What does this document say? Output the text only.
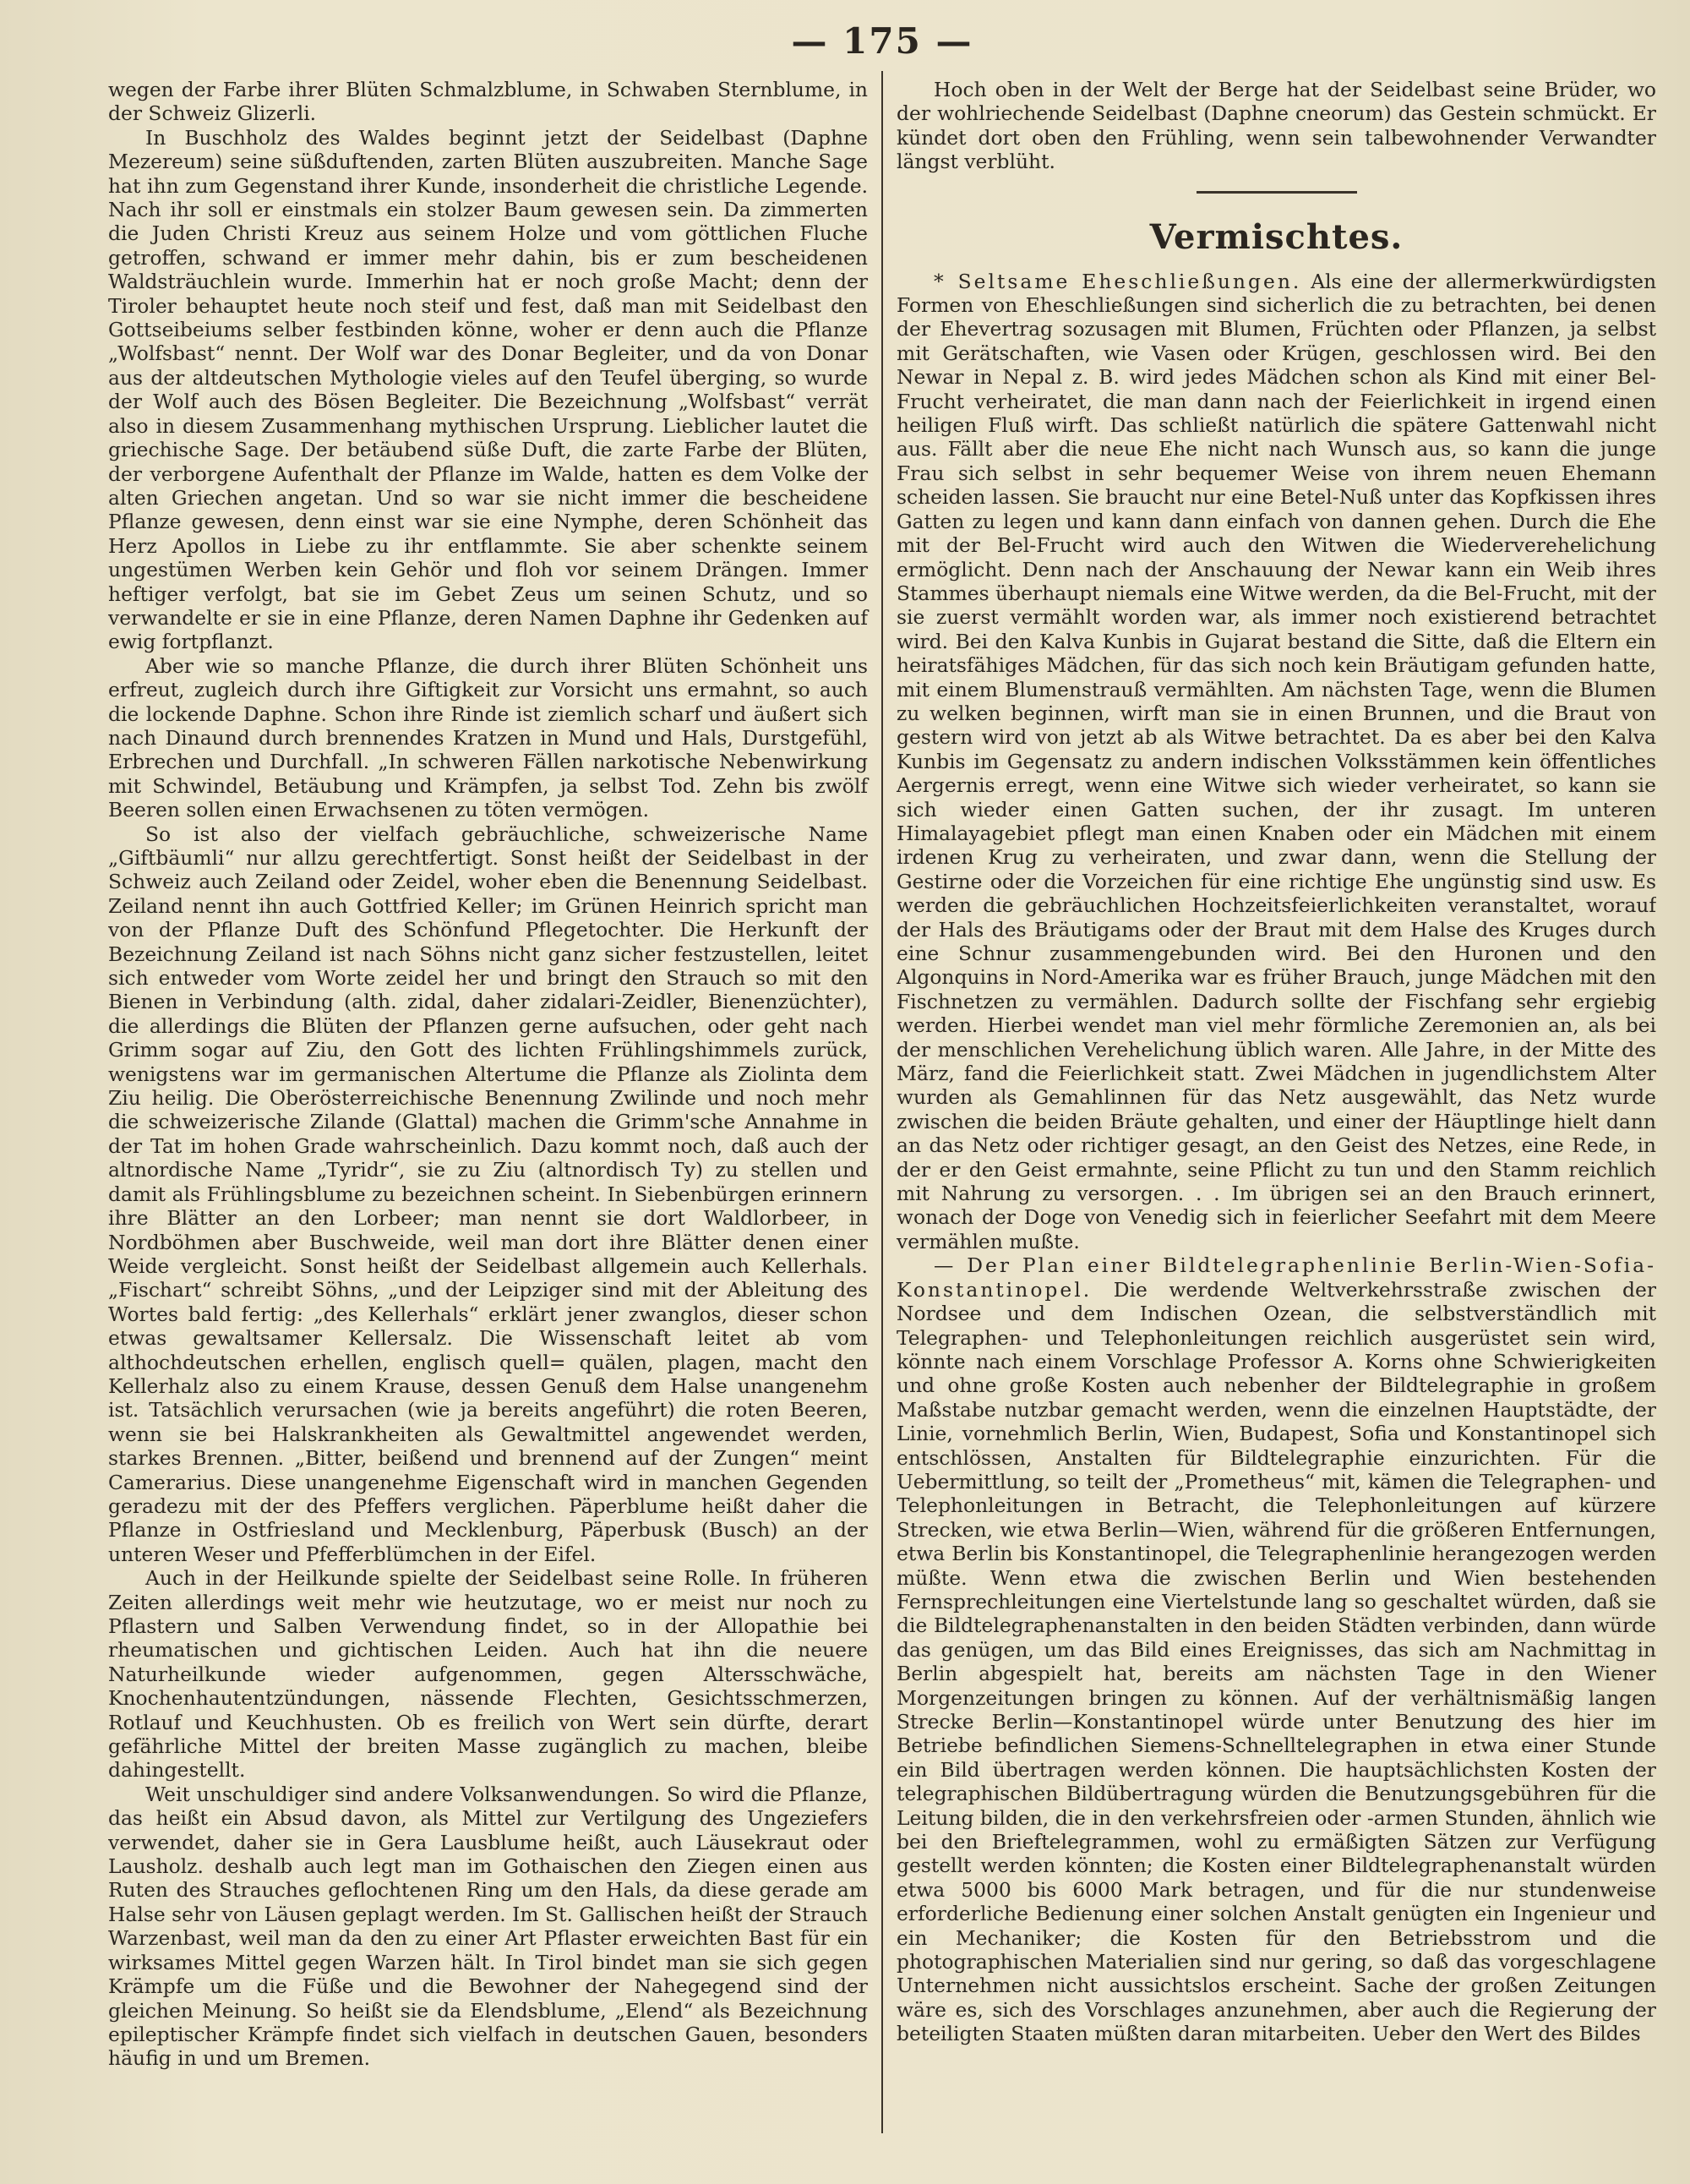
— 175 —

wegen der Farbe ihrer Blüten Schmalzblume, in Schwaben Sternblume, in der Schweiz Glizerli.

In Buschholz des Waldes beginnt jetzt der Seidelbast (Daphne Mezereum) seine süßduftenden, zarten Blüten auszubreiten. Manche Sage hat ihn zum Gegenstand ihrer Kunde, insonderheit die christliche Legende. Nach ihr soll er einstmals ein stolzer Baum gewesen sein. Da zimmerten die Juden Christi Kreuz aus seinem Holze und vom göttlichen Fluche getroffen, schwand er immer mehr dahin, bis er zum bescheidenen Waldsträuchlein wurde. Immerhin hat er noch große Macht; denn der Tiroler behauptet heute noch steif und fest, daß man mit Seidelbast den Gottseibeiums selber festbinden könne, woher er denn auch die Pflanze „Wolfsbast“ nennt. Der Wolf war des Donar Begleiter, und da von Donar aus der altdeutschen Mythologie vieles auf den Teufel überging, so wurde der Wolf auch des Bösen Begleiter. Die Bezeichnung „Wolfsbast“ verrät also in diesem Zusammenhang mythischen Ursprung. Lieblicher lautet die griechische Sage. Der betäubend süße Duft, die zarte Farbe der Blüten, der verborgene Aufenthalt der Pflanze im Walde, hatten es dem Volke der alten Griechen angetan. Und so war sie nicht immer die bescheidene Pflanze gewesen, denn einst war sie eine Nymphe, deren Schönheit das Herz Apollos in Liebe zu ihr entflammte. Sie aber schenkte seinem ungestümen Werben kein Gehör und floh vor seinem Drängen. Immer heftiger verfolgt, bat sie im Gebet Zeus um seinen Schutz, und so verwandelte er sie in eine Pflanze, deren Namen Daphne ihr Gedenken auf ewig fortpflanzt.

Aber wie so manche Pflanze, die durch ihrer Blüten Schönheit uns erfreut, zugleich durch ihre Giftigkeit zur Vorsicht uns ermahnt, so auch die lockende Daphne. Schon ihre Rinde ist ziemlich scharf und äußert sich nach Dinaund durch brennendes Kratzen in Mund und Hals, Durstgefühl, Erbrechen und Durchfall. „In schweren Fällen narkotische Nebenwirkung mit Schwindel, Betäubung und Krämpfen, ja selbst Tod. Zehn bis zwölf Beeren sollen einen Erwachsenen zu töten vermögen.

So ist also der vielfach gebräuchliche, schweizerische Name „Giftbäumli“ nur allzu gerechtfertigt. Sonst heißt der Seidelbast in der Schweiz auch Zeiland oder Zeidel, woher eben die Benennung Seidelbast. Zeiland nennt ihn auch Gottfried Keller; im Grünen Heinrich spricht man von der Pflanze Duft des Schönfund Pflegetochter. Die Herkunft der Bezeichnung Zeiland ist nach Söhns nicht ganz sicher festzustellen, leitet sich entweder vom Worte zeidel her und bringt den Strauch so mit den Bienen in Verbindung (alth. zidal, daher zidalari-Zeidler, Bienenzüchter), die allerdings die Blüten der Pflanzen gerne aufsuchen, oder geht nach Grimm sogar auf Ziu, den Gott des lichten Frühlingshimmels zurück, wenigstens war im germanischen Altertume die Pflanze als Ziolinta dem Ziu heilig. Die Oberösterreichische Benennung Zwilinde und noch mehr die schweizerische Zilande (Glattal) machen die Grimm'sche Annahme in der Tat im hohen Grade wahrscheinlich. Dazu kommt noch, daß auch der altnordische Name „Tyridr“, sie zu Ziu (altnordisch Ty) zu stellen und damit als Frühlingsblume zu bezeichnen scheint. In Siebenbürgen erinnern ihre Blätter an den Lorbeer; man nennt sie dort Waldlorbeer, in Nordböhmen aber Buschweide, weil man dort ihre Blätter denen einer Weide vergleicht. Sonst heißt der Seidelbast allgemein auch Kellerhals. „Fischart“ schreibt Söhns, „und der Leipziger sind mit der Ableitung des Wortes bald fertig: „des Kellerhals“ erklärt jener zwanglos, dieser schon etwas gewaltsamer Kellersalz. Die Wissenschaft leitet ab vom althochdeutschen erhellen, englisch quell= quälen, plagen, macht den Kellerhalz also zu einem Krause, dessen Genuß dem Halse unangenehm ist. Tatsächlich verursachen (wie ja bereits angeführt) die roten Beeren, wenn sie bei Halskrankheiten als Gewaltmittel angewendet werden, starkes Brennen. „Bitter, beißend und brennend auf der Zungen“ meint Camerarius. Diese unangenehme Eigenschaft wird in manchen Gegenden geradezu mit der des Pfeffers verglichen. Päperblume heißt daher die Pflanze in Ostfriesland und Mecklenburg, Päperbusk (Busch) an der unteren Weser und Pfefferblümchen in der Eifel.

Auch in der Heilkunde spielte der Seidelbast seine Rolle. In früheren Zeiten allerdings weit mehr wie heutzutage, wo er meist nur noch zu Pflastern und Salben Verwendung findet, so in der Allopathie bei rheumatischen und gichtischen Leiden. Auch hat ihn die neuere Naturheilkunde wieder aufgenommen, gegen Altersschwäche, Knochenhautentzündungen, nässende Flechten, Gesichtsschmerzen, Rotlauf und Keuchhusten. Ob es freilich von Wert sein dürfte, derart gefährliche Mittel der breiten Masse zugänglich zu machen, bleibe dahingestellt.

Weit unschuldiger sind andere Volksanwendungen. So wird die Pflanze, das heißt ein Absud davon, als Mittel zur Vertilgung des Ungeziefers verwendet, daher sie in Gera Lausblume heißt, auch Läusekraut oder Lausholz. deshalb auch legt man im Gothaischen den Ziegen einen aus Ruten des Strauches geflochtenen Ring um den Hals, da diese gerade am Halse sehr von Läusen geplagt werden. Im St. Gallischen heißt der Strauch Warzenbast, weil man da den zu einer Art Pflaster erweichten Bast für ein wirksames Mittel gegen Warzen hält. In Tirol bindet man sie sich gegen Krämpfe um die Füße und die Bewohner der Nahegegend sind der gleichen Meinung. So heißt sie da Elendsblume, „Elend“ als Bezeichnung epileptischer Krämpfe findet sich vielfach in deutschen Gauen, besonders häufig in und um Bremen.

Hoch oben in der Welt der Berge hat der Seidelbast seine Brüder, wo der wohlriechende Seidelbast (Daphne cneorum) das Gestein schmückt. Er kündet dort oben den Frühling, wenn sein talbewohnender Verwandter längst verblüht.

Vermischtes.

* Seltsame Eheschließungen. Als eine der allermerkwürdigsten Formen von Eheschließungen sind sicherlich die zu betrachten, bei denen der Ehevertrag sozusagen mit Blumen, Früchten oder Pflanzen, ja selbst mit Gerätschaften, wie Vasen oder Krügen, geschlossen wird. Bei den Newar in Nepal z. B. wird jedes Mädchen schon als Kind mit einer Bel-Frucht verheiratet, die man dann nach der Feierlichkeit in irgend einen heiligen Fluß wirft. Das schließt natürlich die spätere Gattenwahl nicht aus. Fällt aber die neue Ehe nicht nach Wunsch aus, so kann die junge Frau sich selbst in sehr bequemer Weise von ihrem neuen Ehemann scheiden lassen. Sie braucht nur eine Betel-Nuß unter das Kopfkissen ihres Gatten zu legen und kann dann einfach von dannen gehen. Durch die Ehe mit der Bel-Frucht wird auch den Witwen die Wiederverehelichung ermöglicht. Denn nach der Anschauung der Newar kann ein Weib ihres Stammes überhaupt niemals eine Witwe werden, da die Bel-Frucht, mit der sie zuerst vermählt worden war, als immer noch existierend betrachtet wird. Bei den Kalva Kunbis in Gujarat bestand die Sitte, daß die Eltern ein heiratsfähiges Mädchen, für das sich noch kein Bräutigam gefunden hatte, mit einem Blumenstrauß vermählten. Am nächsten Tage, wenn die Blumen zu welken beginnen, wirft man sie in einen Brunnen, und die Braut von gestern wird von jetzt ab als Witwe betrachtet. Da es aber bei den Kalva Kunbis im Gegensatz zu andern indischen Volksstämmen kein öffentliches Aergernis erregt, wenn eine Witwe sich wieder verheiratet, so kann sie sich wieder einen Gatten suchen, der ihr zusagt. Im unteren Himalayagebiet pflegt man einen Knaben oder ein Mädchen mit einem irdenen Krug zu verheiraten, und zwar dann, wenn die Stellung der Gestirne oder die Vorzeichen für eine richtige Ehe ungünstig sind usw. Es werden die gebräuchlichen Hochzeitsfeierlichkeiten veranstaltet, worauf der Hals des Bräutigams oder der Braut mit dem Halse des Kruges durch eine Schnur zusammengebunden wird. Bei den Huronen und den Algonquins in Nord-Amerika war es früher Brauch, junge Mädchen mit den Fischnetzen zu vermählen. Dadurch sollte der Fischfang sehr ergiebig werden. Hierbei wendet man viel mehr förmliche Zeremonien an, als bei der menschlichen Verehelichung üblich waren. Alle Jahre, in der Mitte des März, fand die Feierlichkeit statt. Zwei Mädchen in jugendlichstem Alter wurden als Gemahlinnen für das Netz ausgewählt, das Netz wurde zwischen die beiden Bräute gehalten, und einer der Häuptlinge hielt dann an das Netz oder richtiger gesagt, an den Geist des Netzes, eine Rede, in der er den Geist ermahnte, seine Pflicht zu tun und den Stamm reichlich mit Nahrung zu versorgen. . . Im übrigen sei an den Brauch erinnert, wonach der Doge von Venedig sich in feierlicher Seefahrt mit dem Meere vermählen mußte.

— Der Plan einer Bildtelegraphenlinie Berlin-Wien-Sofia-Konstantinopel. Die werdende Weltverkehrsstraße zwischen der Nordsee und dem Indischen Ozean, die selbstverständlich mit Telegraphen- und Telephonleitungen reichlich ausgerüstet sein wird, könnte nach einem Vorschlage Professor A. Korns ohne Schwierigkeiten und ohne große Kosten auch nebenher der Bildtelegraphie in großem Maßstabe nutzbar gemacht werden, wenn die einzelnen Hauptstädte, der Linie, vornehmlich Berlin, Wien, Budapest, Sofia und Konstantinopel sich entschlössen, Anstalten für Bildtelegraphie einzurichten. Für die Uebermittlung, so teilt der „Prometheus“ mit, kämen die Telegraphen- und Telephonleitungen in Betracht, die Telephonleitungen auf kürzere Strecken, wie etwa Berlin—Wien, während für die größeren Entfernungen, etwa Berlin bis Konstantinopel, die Telegraphenlinie herangezogen werden müßte. Wenn etwa die zwischen Berlin und Wien bestehenden Fernsprechleitungen eine Viertelstunde lang so geschaltet würden, daß sie die Bildtelegraphenanstalten in den beiden Städten verbinden, dann würde das genügen, um das Bild eines Ereignisses, das sich am Nachmittag in Berlin abgespielt hat, bereits am nächsten Tage in den Wiener Morgenzeitungen bringen zu können. Auf der verhältnismäßig langen Strecke Berlin—Konstantinopel würde unter Benutzung des hier im Betriebe befindlichen Siemens-Schnelltelegraphen in etwa einer Stunde ein Bild übertragen werden können. Die hauptsächlichsten Kosten der telegraphischen Bildübertragung würden die Benutzungsgebühren für die Leitung bilden, die in den verkehrsfreien oder -armen Stunden, ähnlich wie bei den Brieftelegrammen, wohl zu ermäßigten Sätzen zur Verfügung gestellt werden könnten; die Kosten einer Bildtelegraphenanstalt würden etwa 5000 bis 6000 Mark betragen, und für die nur stundenweise erforderliche Bedienung einer solchen Anstalt genügten ein Ingenieur und ein Mechaniker; die Kosten für den Betriebsstrom und die photographischen Materialien sind nur gering, so daß das vorgeschlagene Unternehmen nicht aussichtslos erscheint. Sache der großen Zeitungen wäre es, sich des Vorschlages anzunehmen, aber auch die Regierung der beteiligten Staaten müßten daran mitarbeiten. Ueber den Wert des Bildes
